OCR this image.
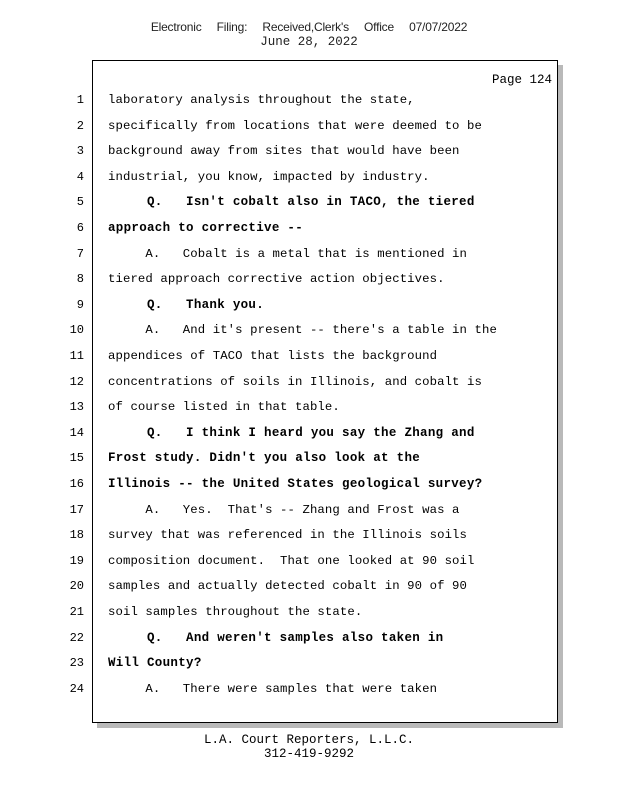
Electronic Filing: Received,Clerk's Office 07/07/2022
June 28, 2022
Page 124
1 laboratory analysis throughout the state,
2 specifically from locations that were deemed to be
3 background away from sites that would have been
4 industrial, you know, impacted by industry.
5 Q.   Isn't cobalt also in TACO, the tiered
6 approach to corrective --
7 A.   Cobalt is a metal that is mentioned in
8 tiered approach corrective action objectives.
9 Q.   Thank you.
10 A.   And it's present -- there's a table in the
11 appendices of TACO that lists the background
12 concentrations of soils in Illinois, and cobalt is
13 of course listed in that table.
14 Q.   I think I heard you say the Zhang and
15 Frost study. Didn't you also look at the
16 Illinois -- the United States geological survey?
17 A.   Yes.  That's -- Zhang and Frost was a
18 survey that was referenced in the Illinois soils
19 composition document.  That one looked at 90 soil
20 samples and actually detected cobalt in 90 of 90
21 soil samples throughout the state.
22 Q.   And weren't samples also taken in
23 Will County?
24 A.   There were samples that were taken
L.A. Court Reporters, L.L.C.
312-419-9292
